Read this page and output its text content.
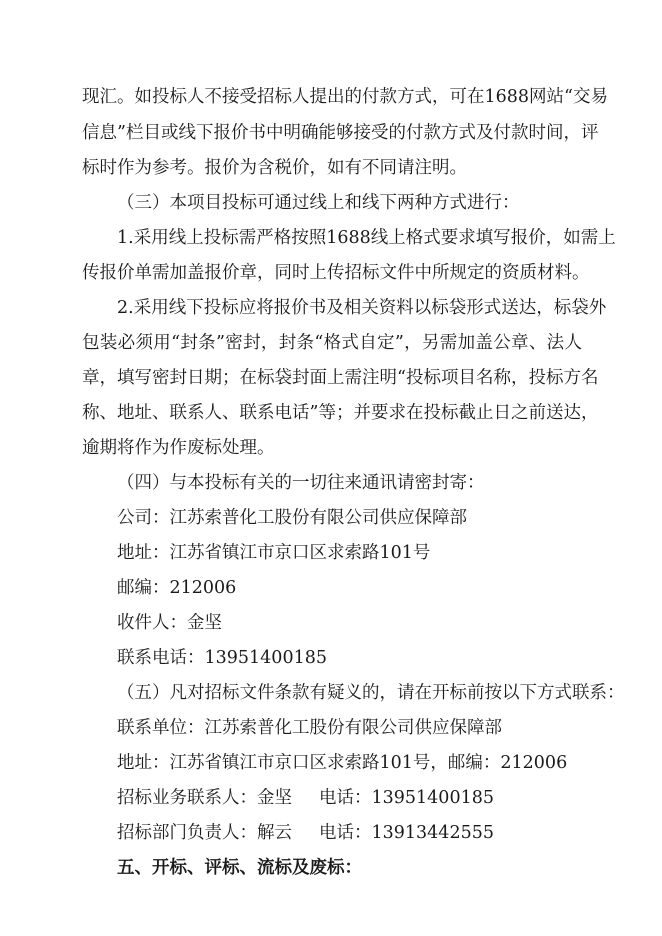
现汇。如投标人不接受招标人提出的付款方式，可在1688网站“交易
信息”栏目或线下报价书中明确能够接受的付款方式及付款时间，评
标时作为参考。报价为含税价，如有不同请注明。
（三）本项目投标可通过线上和线下两种方式进行：
1.采用线上投标需严格按照1688线上格式要求填写报价，如需上
传报价单需加盖报价章，同时上传招标文件中所规定的资质材料。
2.采用线下投标应将报价书及相关资料以标袋形式送达，标袋外
包装必须用“封条”密封，封条“格式自定”，另需加盖公章、法人
章，填写密封日期；在标袋封面上需注明“投标项目名称，投标方名
称、地址、联系人、联系电话”等；并要求在投标截止日之前送达，
逾期将作为作废标处理。
（四）与本投标有关的一切往来通讯请密封寄：
公司：江苏索普化工股份有限公司供应保障部
地址：江苏省镇江市京口区求索路101号
邮编：212006
收件人：金坚
联系电话：13951400185
（五）凡对招标文件条款有疑义的，请在开标前按以下方式联系：
联系单位：江苏索普化工股份有限公司供应保障部
地址：江苏省镇江市京口区求索路101号，邮编：212006
招标业务联系人：金坚 电话：13951400185
招标部门负责人：解云 电话：13913442555
五、开标、评标、流标及废标：
